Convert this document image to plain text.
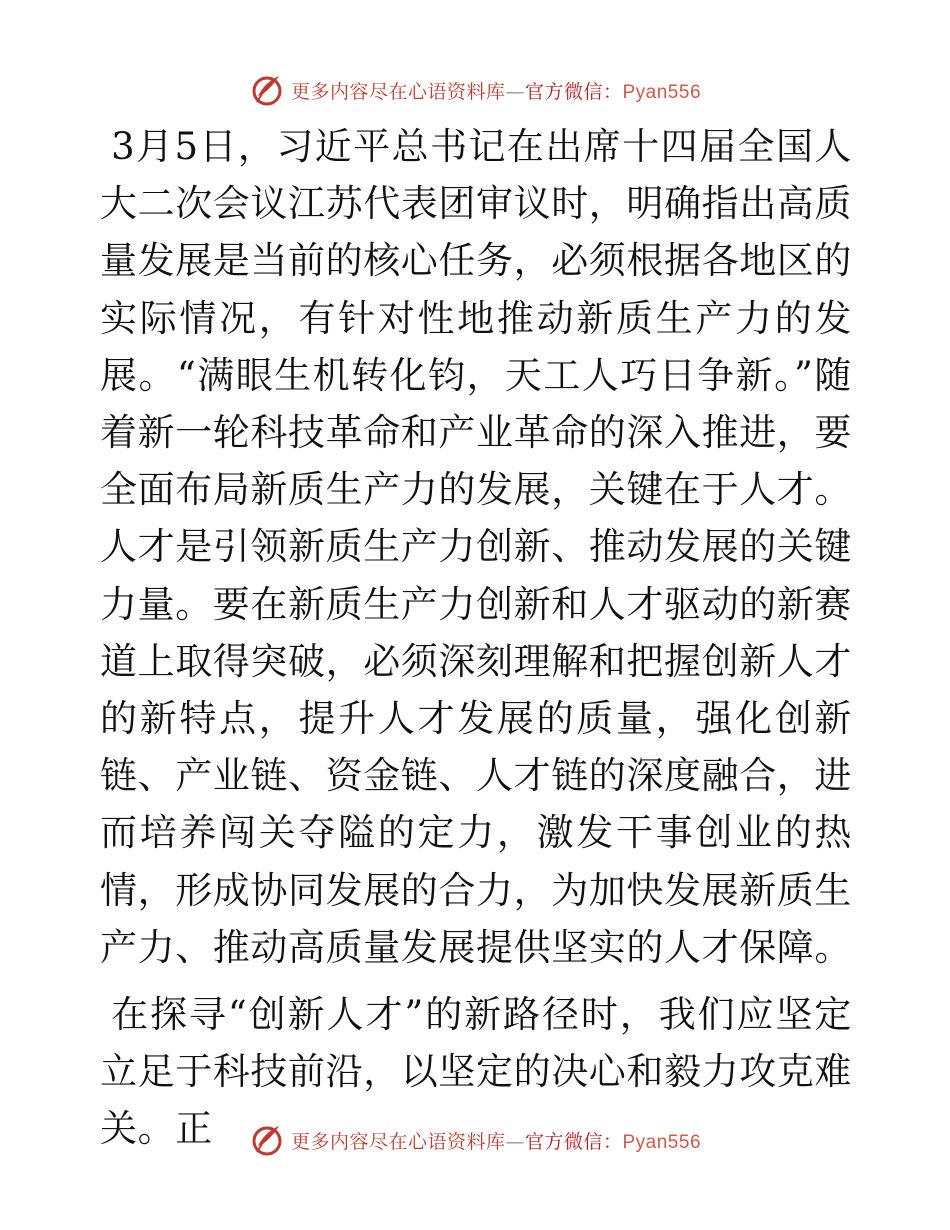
更多内容尽在心语资料库—官方微信：Pyan556

3月5日，习近平总书记在出席十四届全国人大二次会议江苏代表团审议时，明确指出高质量发展是当前的核心任务，必须根据各地区的实际情况，有针对性地推动新质生产力的发展。“满眼生机转化钧，天工人巧日争新。”随着新一轮科技革命和产业革命的深入推进，要全面布局新质生产力的发展，关键在于人才。人才是引领新质生产力创新、推动发展的关键力量。要在新质生产力创新和人才驱动的新赛道上取得突破，必须深刻理解和把握创新人才的新特点，提升人才发展的质量，强化创新链、产业链、资金链、人才链的深度融合，进而培养闯关夺隘的定力，激发干事创业的热情，形成协同发展的合力，为加快发展新质生产力、推动高质量发展提供坚实的人才保障。

在探寻“创新人才”的新路径时，我们应坚定立足于科技前沿，以坚定的决心和毅力攻克难关。正	更多内容尽在心语资料库—官方微信：Pyan556
